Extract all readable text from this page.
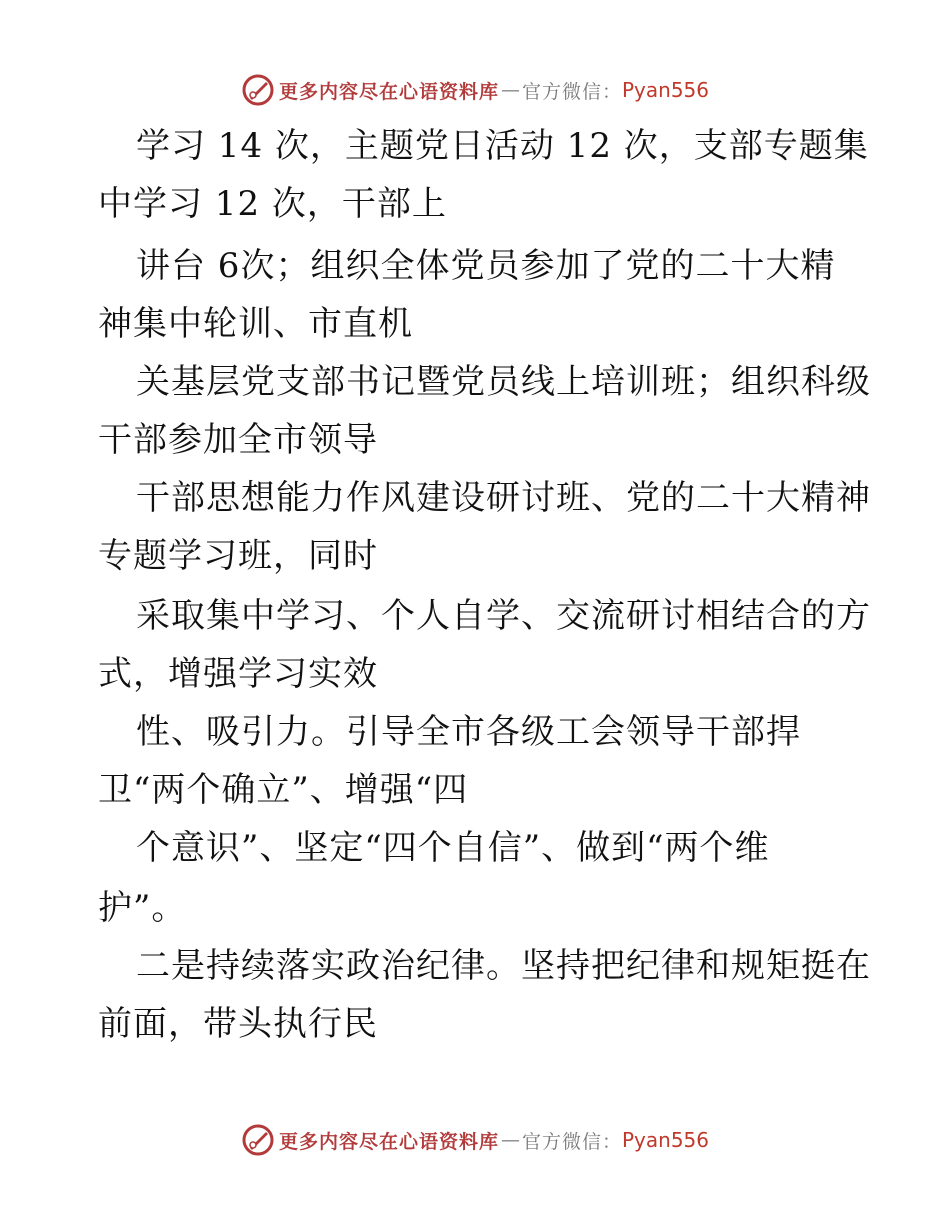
更多内容尽在心语资料库 — 官方微信： Pyan556
学习 14 次，主题党日活动 12 次，支部专题集
中学习 12 次，干部上
讲台 6次；组织全体党员参加了党的二十大精
神集中轮训、市直机
关基层党支部书记暨党员线上培训班；组织科级
干部参加全市领导
干部思想能力作风建设研讨班、党的二十大精神
专题学习班，同时
采取集中学习、个人自学、交流研讨相结合的方
式，增强学习实效
性、吸引力。引导全市各级工会领导干部捍
卫“两个确立”、增强“四
个意识”、坚定“四个自信”、做到“两个维
护”。
二是持续落实政治纪律。坚持把纪律和规矩挺在
前面，带头执行民
更多内容尽在心语资料库 — 官方微信： Pyan556
